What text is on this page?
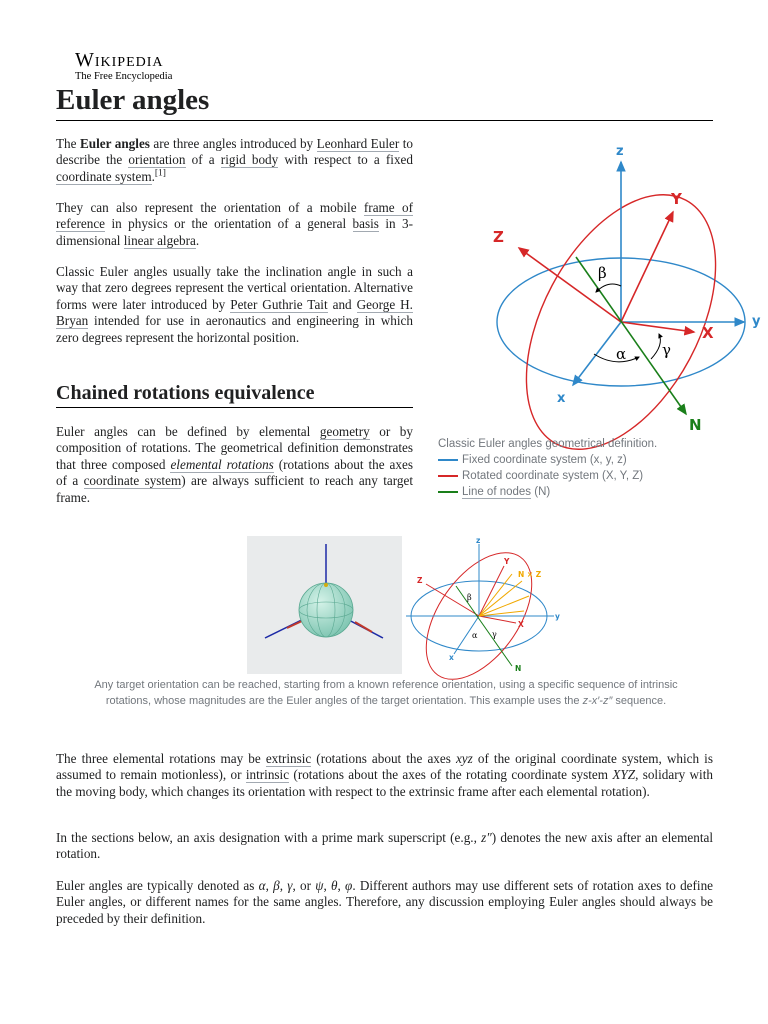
Wikipedia
The Free Encyclopedia
Euler angles

The Euler angles are three angles introduced by Leonhard Euler to describe the orientation of a rigid body with respect to a fixed coordinate system.[1]

They can also represent the orientation of a mobile frame of reference in physics or the orientation of a general basis in 3-dimensional linear algebra.

Classic Euler angles usually take the inclination angle in such a way that zero degrees represent the vertical orientation. Alternative forms were later introduced by Peter Guthrie Tait and George H. Bryan intended for use in aeronautics and engineering in which zero degrees represent the horizontal position.

Chained rotations equivalence

Euler angles can be defined by elemental geometry or by composition of rotations. The geometrical definition demonstrates that three composed elemental rotations (rotations about the axes of a coordinate system) are always sufficient to reach any target frame.

z
y
x
Z
Y
X
N
β
α γ
Classic Euler angles geometrical definition.
Fixed coordinate system (x, y, z)
Rotated coordinate system (X, Y, Z)
Line of nodes (N)
z
y
x
Z
Y
X
N
N × Z
β
α γ

Any target orientation can be reached, starting from a known reference orientation, using a specific sequence of intrinsic rotations, whose magnitudes are the Euler angles of the target orientation. This example uses the z-x′-z″ sequence.

The three elemental rotations may be extrinsic (rotations about the axes xyz of the original coordinate system, which is assumed to remain motionless), or intrinsic (rotations about the axes of the rotating coordinate system XYZ, solidary with the moving body, which changes its orientation with respect to the extrinsic frame after each elemental rotation).

In the sections below, an axis designation with a prime mark superscript (e.g., z″) denotes the new axis after an elemental rotation.

Euler angles are typically denoted as α, β, γ, or ψ, θ, φ. Different authors may use different sets of rotation axes to define Euler angles, or different names for the same angles. Therefore, any discussion employing Euler angles should always be preceded by their definition.
